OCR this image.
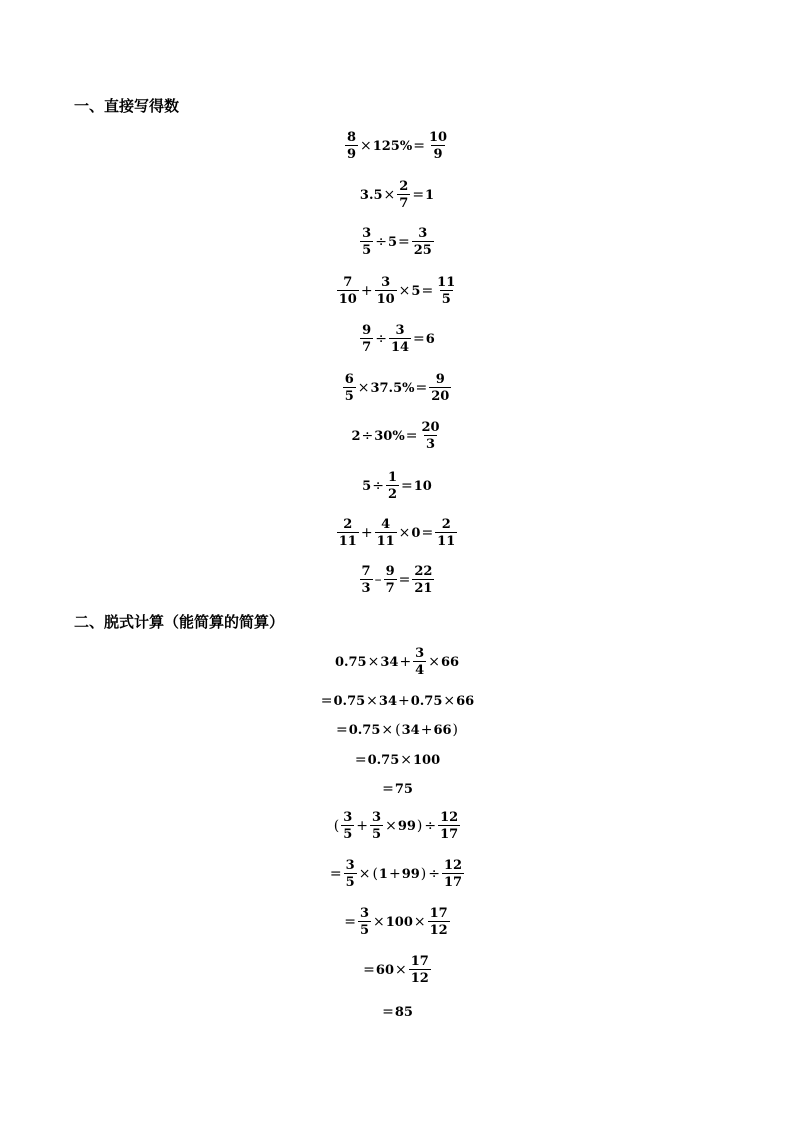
一、直接写得数
$\frac{8}{9} \times 125\% = \frac{10}{9}$
$3.5 \times \frac{2}{7} = 1$
$\frac{3}{5} \div 5 = \frac{3}{25}$
$\frac{7}{10} + \frac{3}{10} \times 5 = \frac{11}{5}$
$\frac{9}{7} \div \frac{3}{14} = 6$
$\frac{6}{5} \times 37.5\% = \frac{9}{20}$
$2 \div 30\% = \frac{20}{3}$
$5 \div \frac{1}{2} = 10$
$\frac{2}{11} + \frac{4}{11} \times 0 = \frac{2}{11}$
$\frac{7}{3} - \frac{9}{7} = \frac{22}{21}$
二、脱式计算（能简算的简算）
$0.75 \times 34 + \frac{3}{4} \times 66$
= 0.75 × 34 + 0.75 × 66
= 0.75 × ( 34 + 66 )
= 0.75 × 100
= 75
( $\frac{3}{5} + \frac{3}{5} \times 99$ ) ÷ $\frac{12}{17}$
= $\frac{3}{5}$ × ( 1 + 99 ) ÷ $\frac{12}{17}$
= $\frac{3}{5} \times 100 \times \frac{17}{12}$
= $60 \times \frac{17}{12}$
= 85
